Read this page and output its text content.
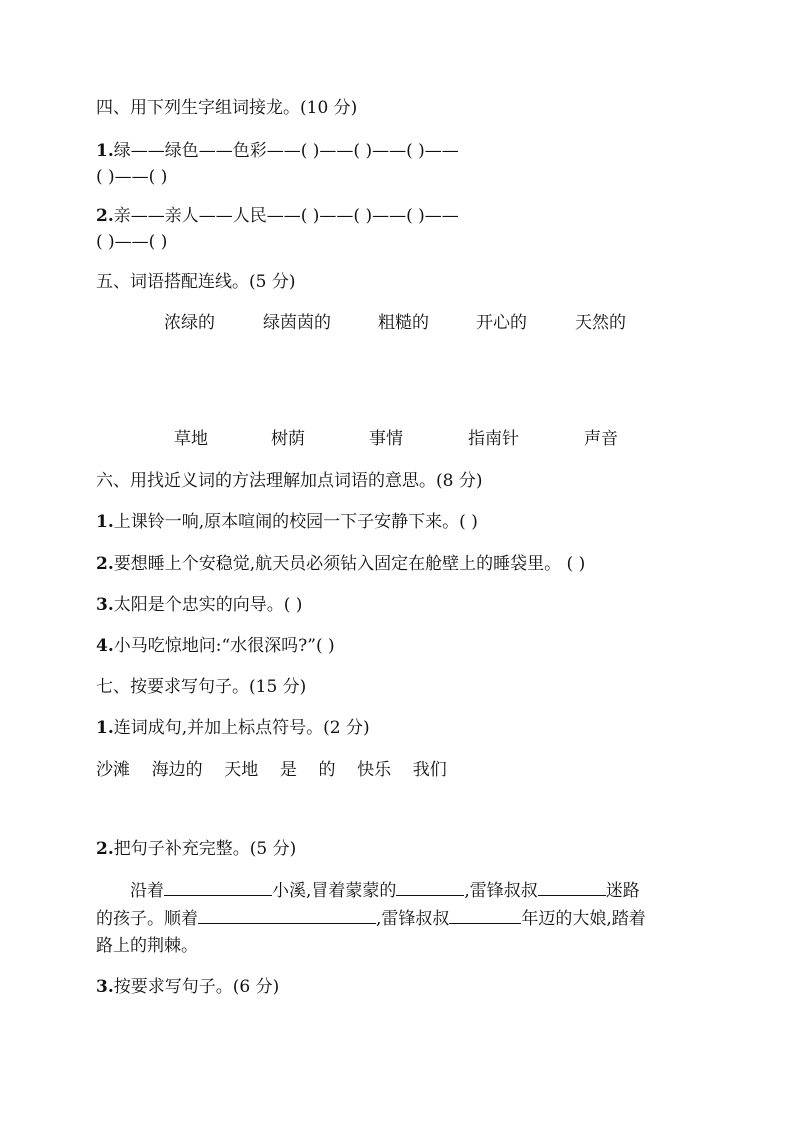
四、用下列生字组词接龙。(10 分)
1.绿——绿色——色彩——( )——( )——( )——
( )——( )
2.亲——亲人——人民——( )——( )——( )——
( )——( )
五、词语搭配连线。(5 分)
浓绿的	绿茵茵的	粗糙的	开心的	天然的
草地	树荫	事情	指南针	声音
六、用找近义词的方法理解加点词语的意思。(8 分)
1.上课铃一响,原本喧闹的校园一下子安静下来。( )
2.要想睡上个安稳觉,航天员必须钻入固定在舱壁上的睡袋里。 ( )
3.太阳是个忠实的向导。( )
4.小马吃惊地问:“水很深吗?”( )
七、按要求写句子。(15 分)
1.连词成句,并加上标点符号。(2 分)
沙滩    海边的    天地    是    的    快乐    我们
2.把句子补充完整。(5 分)
沿着	小溪,冒着蒙蒙的	,雷锋叔叔	迷路
的孩子。顺着	,雷锋叔叔	年迈的大娘,踏着
路上的荆棘。
3.按要求写句子。(6 分)
